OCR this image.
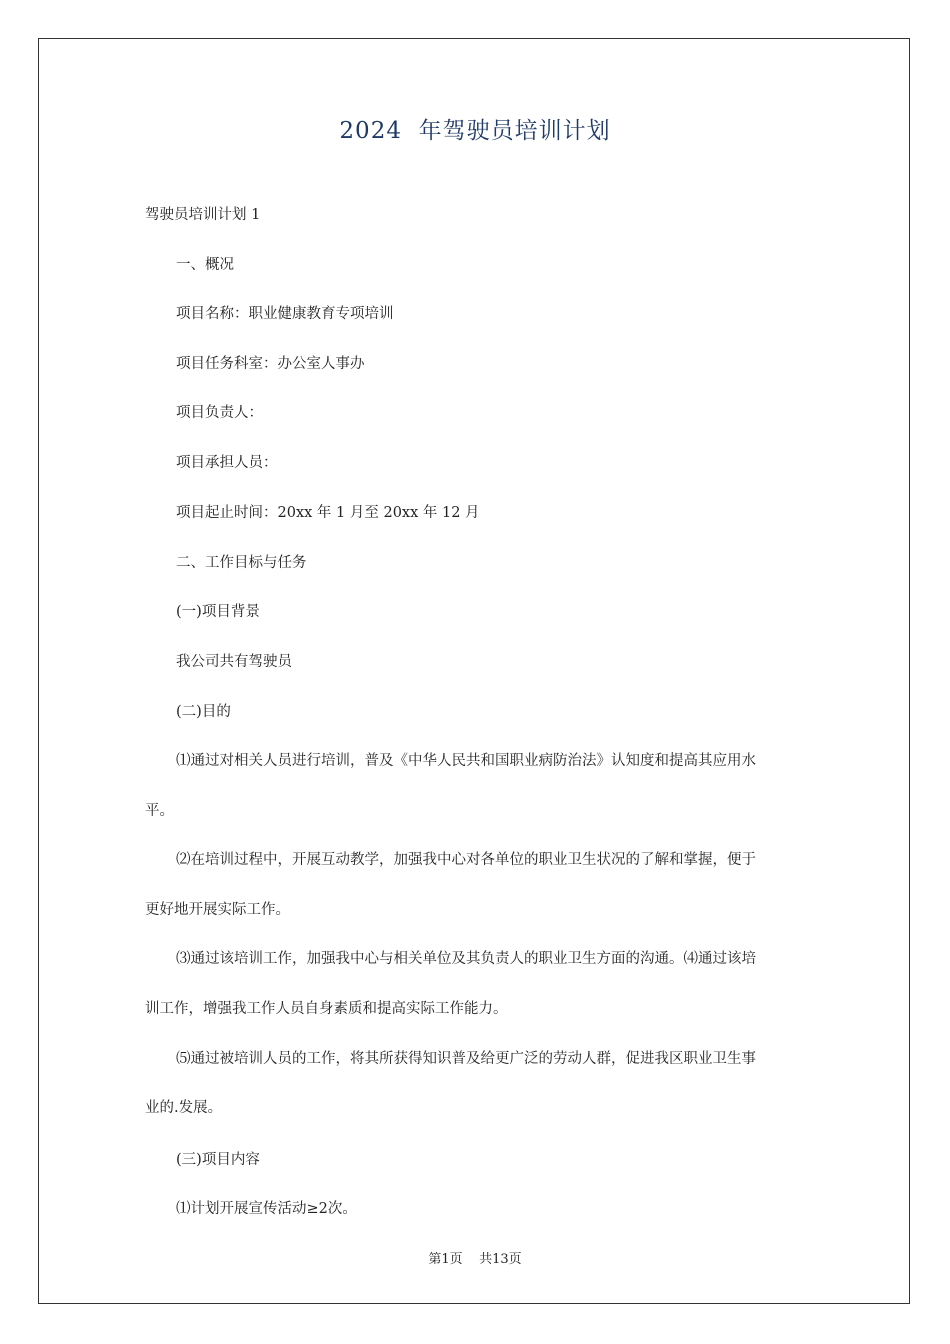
2024  年驾驶员培训计划
驾驶员培训计划 1
一、概况
项目名称：职业健康教育专项培训
项目任务科室：办公室人事办
项目负责人：
项目承担人员：
项目起止时间：20xx 年 1 月至 20xx 年 12 月
二、工作目标与任务
(一)项目背景
我公司共有驾驶员
(二)目的
⑴通过对相关人员进行培训，普及《中华人民共和国职业病防治法》认知度和提高其应用水
平。
⑵在培训过程中，开展互动教学，加强我中心对各单位的职业卫生状况的了解和掌握，便于
更好地开展实际工作。
⑶通过该培训工作，加强我中心与相关单位及其负责人的职业卫生方面的沟通。⑷通过该培
训工作，增强我工作人员自身素质和提高实际工作能力。
⑸通过被培训人员的工作，将其所获得知识普及给更广泛的劳动人群，促进我区职业卫生事
业的.发展。
(三)项目内容
⑴计划开展宣传活动≥2次。
第1页    共13页
